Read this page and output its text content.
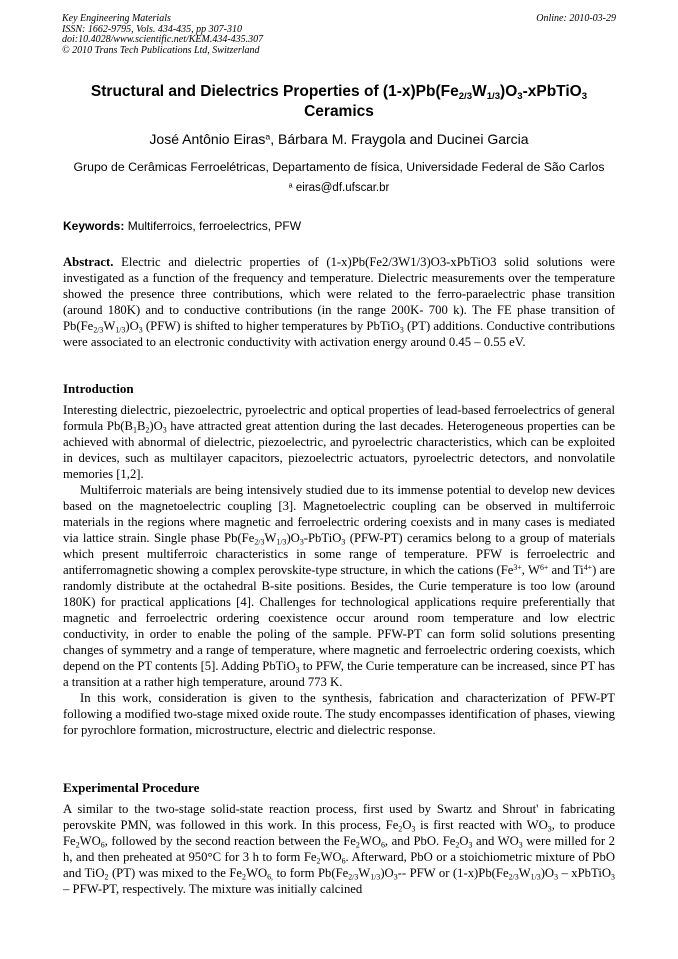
Key Engineering Materials
ISSN: 1662-9795, Vols. 434-435, pp 307-310
doi:10.4028/www.scientific.net/KEM.434-435.307
© 2010 Trans Tech Publications Ltd, Switzerland
Online: 2010-03-29
Structural and Dielectrics Properties of $(1-x)Pb(Fe_{2/3}W_{1/3})O_3-xPbTiO_3$
Ceramics
José Antônio Eiras$^a$, Bárbara M. Fraygola and Ducinei Garcia
Grupo de Cerâmicas Ferroelétricas, Departamento de física, Universidade Federal de São Carlos
$^a$ eiras@df.ufscar.br
Keywords: Multiferroics, ferroelectrics, PFW

Abstract. Electric and dielectric properties of (1-x)Pb(Fe2/3W1/3)O3-xPbTiO3 solid solutions were investigated as a function of the frequency and temperature. Dielectric measurements over the temperature showed the presence three contributions, which were related to the ferro-paraelectric phase transition (around 180K) and to conductive contributions (in the range 200K- 700 k). The FE phase transition of $Pb(Fe_{2/3}W_{1/3})O_3$ (PFW) is shifted to higher temperatures by PbTiO$_3$ (PT) additions. Conductive contributions were associated to an electronic conductivity with activation energy around 0.45 – 0.55 eV.

Introduction

Interesting dielectric, piezoelectric, pyroelectric and optical properties of lead-based ferroelectrics of general formula $Pb(B_1B_2)O_3$ have attracted great attention during the last decades. Heterogeneous properties can be achieved with abnormal of dielectric, piezoelectric, and pyroelectric characteristics, which can be exploited in devices, such as multilayer capacitors, piezoelectric actuators, pyroelectric detectors, and nonvolatile memories [1,2].

Multiferroic materials are being intensively studied due to its immense potential to develop new devices based on the magnetoelectric coupling [3]. Magnetoelectric coupling can be observed in multiferroic materials in the regions where magnetic and ferroelectric ordering coexists and in many cases is mediated via lattice strain. Single phase $Pb(Fe_{2/3}W_{1/3})O_3-PbTiO_3$ (PFW-PT) ceramics belong to a group of materials which present multiferroic characteristics in some range of temperature. PFW is ferroelectric and antiferromagnetic showing a complex perovskite-type structure, in which the cations ($Fe^{3+}$, $W^{6+}$ and $Ti^{4+}$) are randomly distribute at the octahedral B-site positions. Besides, the Curie temperature is too low (around 180K) for practical applications [4]. Challenges for technological applications require preferentially that magnetic and ferroelectric ordering coexistence occur around room temperature and low electric conductivity, in order to enable the poling of the sample. PFW-PT can form solid solutions presenting changes of symmetry and a range of temperature, where magnetic and ferroelectric ordering coexists, which depend on the PT contents [5]. Adding PbTiO$_3$ to PFW, the Curie temperature can be increased, since PT has a transition at a rather high temperature, around 773 K.

In this work, consideration is given to the synthesis, fabrication and characterization of PFW-PT following a modified two-stage mixed oxide route. The study encompasses identification of phases, viewing for pyrochlore formation, microstructure, electric and dielectric response.

Experimental Procedure

A similar to the two-stage solid-state reaction process, first used by Swartz and Shrout' in fabricating perovskite PMN, was followed in this work. In this process, $Fe_2O_3$ is first reacted with $WO_3$, to produce $Fe_2WO_6$, followed by the second reaction between the $Fe_2WO_6$, and PbO. $Fe_2O_3$ and $WO_3$ were milled for 2 h, and then preheated at 950°C for 3 h to form $Fe_2WO_6$. Afterward, PbO or a stoichiometric mixture of PbO and TiO$_2$ (PT) was mixed to the $Fe_2WO_{6,}$ to form $Pb(Fe_{2/3}W_{1/3})O_3--$ PFW or $(1-x)Pb(Fe_{2/3}W_{1/3})O_3$ – xPbTiO$_3$ – PFW-PT, respectively. The mixture was initially calcined
